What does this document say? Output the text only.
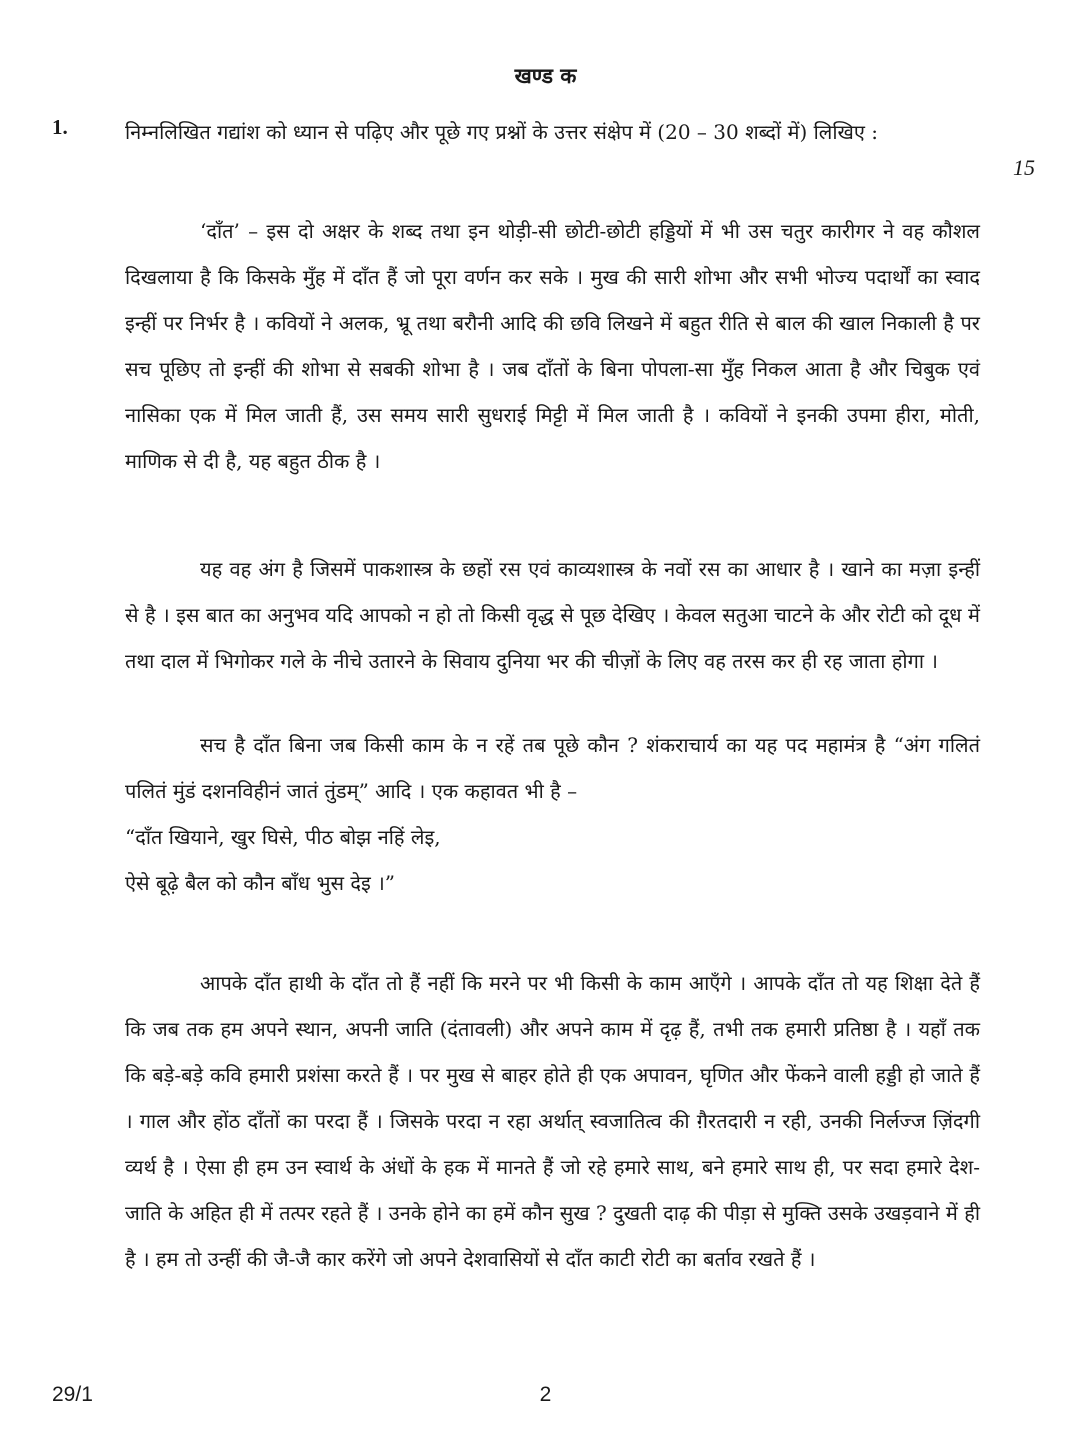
खण्ड क
1.	निम्नलिखित गद्यांश को ध्यान से पढ़िए और पूछे गए प्रश्नों के उत्तर संक्षेप में (20 – 30 शब्दों में) लिखिए :
15

‘दाँत’ – इस दो अक्षर के शब्द तथा इन थोड़ी-सी छोटी-छोटी हड्डियों में भी उस चतुर कारीगर ने वह कौशल दिखलाया है कि किसके मुँह में दाँत हैं जो पूरा वर्णन कर सके । मुख की सारी शोभा और सभी भोज्य पदार्थों का स्वाद इन्हीं पर निर्भर है । कवियों ने अलक, भ्रू तथा बरौनी आदि की छवि लिखने में बहुत रीति से बाल की खाल निकाली है पर सच पूछिए तो इन्हीं की शोभा से सबकी शोभा है । जब दाँतों के बिना पोपला-सा मुँह निकल आता है और चिबुक एवं नासिका एक में मिल जाती हैं, उस समय सारी सुधराई मिट्टी में मिल जाती है । कवियों ने इनकी उपमा हीरा, मोती, माणिक से दी है, यह बहुत ठीक है ।

यह वह अंग है जिसमें पाकशास्त्र के छहों रस एवं काव्यशास्त्र के नवों रस का आधार है । खाने का मज़ा इन्हीं से है । इस बात का अनुभव यदि आपको न हो तो किसी वृद्ध से पूछ देखिए । केवल सतुआ चाटने के और रोटी को दूध में तथा दाल में भिगोकर गले के नीचे उतारने के सिवाय दुनिया भर की चीज़ों के लिए वह तरस कर ही रह जाता होगा ।

सच है दाँत बिना जब किसी काम के न रहें तब पूछे कौन ? शंकराचार्य का यह पद महामंत्र है “अंग गलितं पलितं मुंडं दशनविहीनं जातं तुंडम्” आदि । एक कहावत भी है –

“दाँत खियाने, खुर घिसे, पीठ बोझ नहिं लेइ,

ऐसे बूढ़े बैल को कौन बाँध भुस देइ ।”

आपके दाँत हाथी के दाँत तो हैं नहीं कि मरने पर भी किसी के काम आएँगे । आपके दाँत तो यह शिक्षा देते हैं कि जब तक हम अपने स्थान, अपनी जाति (दंतावली) और अपने काम में दृढ़ हैं, तभी तक हमारी प्रतिष्ठा है । यहाँ तक कि बड़े-बड़े कवि हमारी प्रशंसा करते हैं । पर मुख से बाहर होते ही एक अपावन, घृणित और फेंकने वाली हड्डी हो जाते हैं । गाल और होंठ दाँतों का परदा हैं । जिसके परदा न रहा अर्थात् स्वजातित्व की ग़ैरतदारी न रही, उनकी निर्लज्ज ज़िंदगी व्यर्थ है । ऐसा ही हम उन स्वार्थ के अंधों के हक में मानते हैं जो रहे हमारे साथ, बने हमारे साथ ही, पर सदा हमारे देश-जाति के अहित ही में तत्पर रहते हैं । उनके होने का हमें कौन सुख ? दुखती दाढ़ की पीड़ा से मुक्ति उसके उखड़वाने में ही है । हम तो उन्हीं की जै-जै कार करेंगे जो अपने देशवासियों से दाँत काटी रोटी का बर्ताव रखते हैं ।

29/1	2
